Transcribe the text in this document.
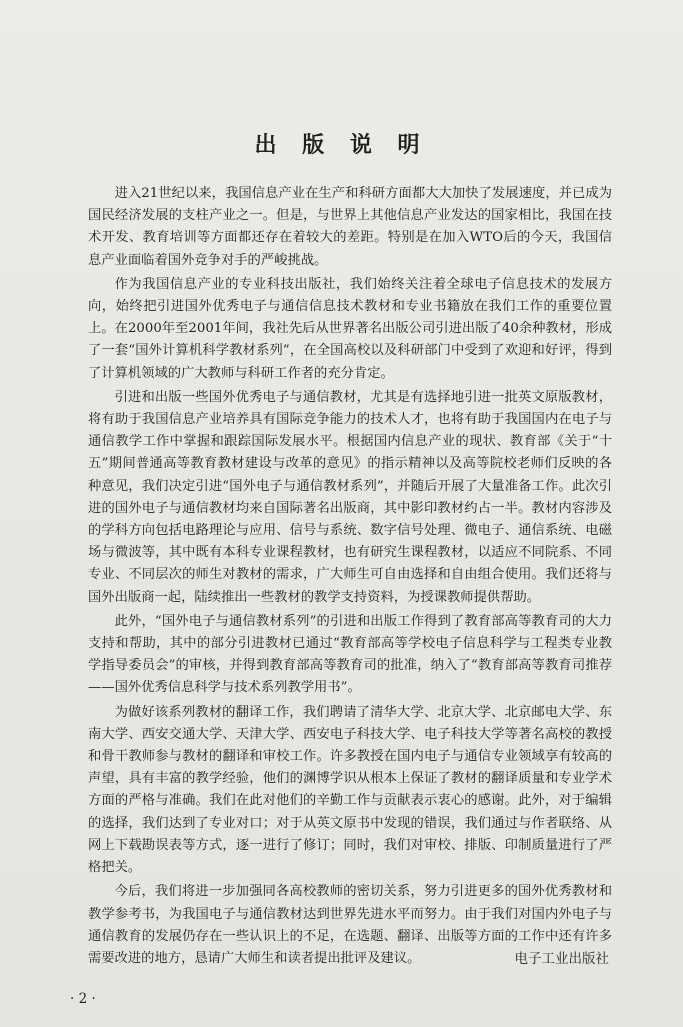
出 版 说 明

进入21世纪以来，我国信息产业在生产和科研方面都大大加快了发展速度，并已成为国民经济发展的支柱产业之一。但是，与世界上其他信息产业发达的国家相比，我国在技术开发、教育培训等方面都还存在着较大的差距。特别是在加入WTO后的今天，我国信息产业面临着国外竞争对手的严峻挑战。

作为我国信息产业的专业科技出版社，我们始终关注着全球电子信息技术的发展方向，始终把引进国外优秀电子与通信信息技术教材和专业书籍放在我们工作的重要位置上。在2000年至2001年间，我社先后从世界著名出版公司引进出版了40余种教材，形成了一套“国外计算机科学教材系列”，在全国高校以及科研部门中受到了欢迎和好评，得到了计算机领域的广大教师与科研工作者的充分肯定。

引进和出版一些国外优秀电子与通信教材，尤其是有选择地引进一批英文原版教材，将有助于我国信息产业培养具有国际竞争能力的技术人才，也将有助于我国国内在电子与通信教学工作中掌握和跟踪国际发展水平。根据国内信息产业的现状、教育部《关于“十五”期间普通高等教育教材建设与改革的意见》的指示精神以及高等院校老师们反映的各种意见，我们决定引进“国外电子与通信教材系列”，并随后开展了大量准备工作。此次引进的国外电子与通信教材均来自国际著名出版商，其中影印教材约占一半。教材内容涉及的学科方向包括电路理论与应用、信号与系统、数字信号处理、微电子、通信系统、电磁场与微波等，其中既有本科专业课程教材，也有研究生课程教材，以适应不同院系、不同专业、不同层次的师生对教材的需求，广大师生可自由选择和自由组合使用。我们还将与国外出版商一起，陆续推出一些教材的教学支持资料，为授课教师提供帮助。

此外，“国外电子与通信教材系列”的引进和出版工作得到了教育部高等教育司的大力支持和帮助，其中的部分引进教材已通过“教育部高等学校电子信息科学与工程类专业教学指导委员会”的审核，并得到教育部高等教育司的批准，纳入了“教育部高等教育司推荐——国外优秀信息科学与技术系列教学用书”。

为做好该系列教材的翻译工作，我们聘请了清华大学、北京大学、北京邮电大学、东南大学、西安交通大学、天津大学、西安电子科技大学、电子科技大学等著名高校的教授和骨干教师参与教材的翻译和审校工作。许多教授在国内电子与通信专业领域享有较高的声望，具有丰富的教学经验，他们的渊博学识从根本上保证了教材的翻译质量和专业学术方面的严格与准确。我们在此对他们的辛勤工作与贡献表示衷心的感谢。此外，对于编辑的选择，我们达到了专业对口；对于从英文原书中发现的错误，我们通过与作者联络、从网上下载勘误表等方式，逐一进行了修订；同时，我们对审校、排版、印制质量进行了严格把关。

今后，我们将进一步加强同各高校教师的密切关系，努力引进更多的国外优秀教材和教学参考书，为我国电子与通信教材达到世界先进水平而努力。由于我们对国内外电子与通信教育的发展仍存在一些认识上的不足，在选题、翻译、出版等方面的工作中还有许多需要改进的地方，恳请广大师生和读者提出批评及建议。	电子工业出版社

· 2 ·
